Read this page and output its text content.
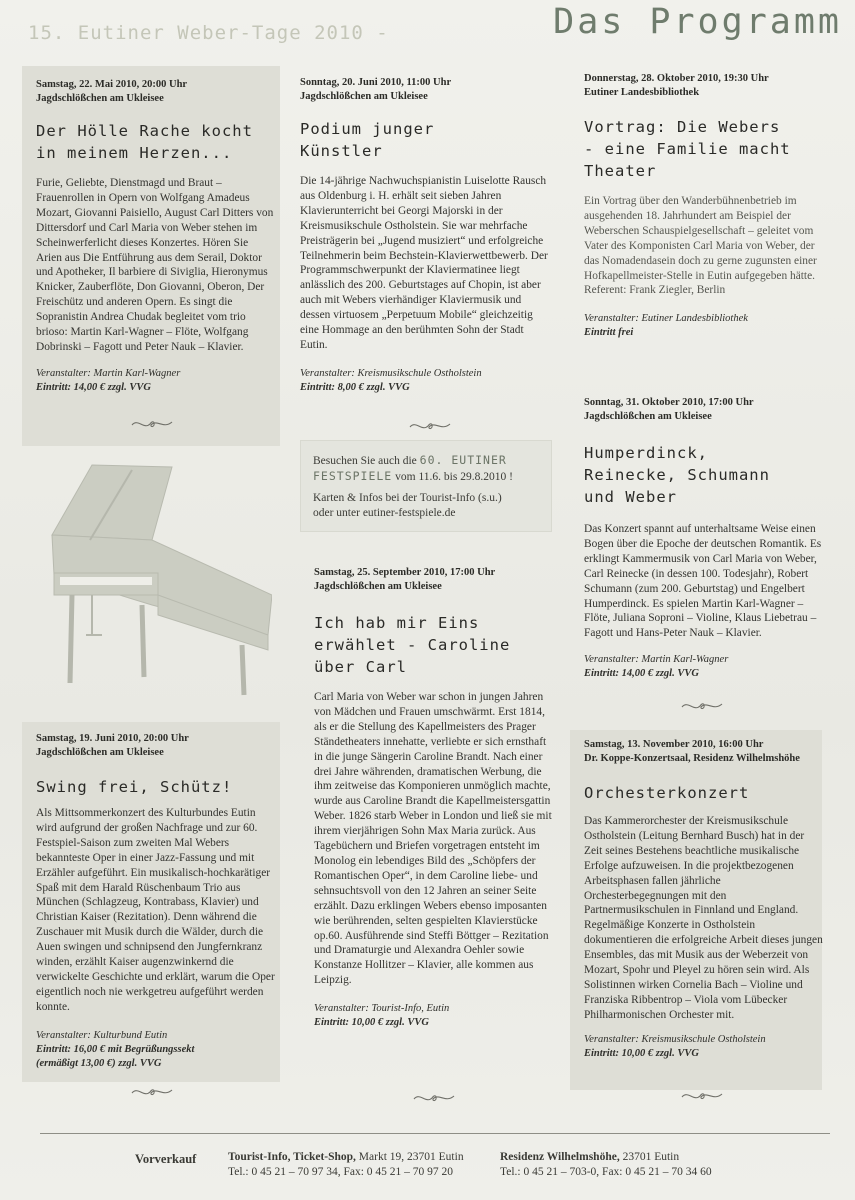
15. Eutiner Weber-Tage 2010 -	Das Programm
Samstag, 22. Mai 2010, 20:00 Uhr
Jagdschlößchen am Ukleisee
Der Hölle Rache kocht
in meinem Herzen...
Furie, Geliebte, Dienstmagd und Braut – Frauenrollen in Opern von Wolfgang Amadeus Mozart, Giovanni Paisiello, August Carl Ditters von Dittersdorf und Carl Maria von Weber stehen im Scheinwerferlicht dieses Konzertes. Hören Sie Arien aus Die Entführung aus dem Serail, Doktor und Apotheker, Il barbiere di Siviglia, Hieronymus Knicker, Zauberflöte, Don Giovanni, Oberon, Der Freischütz und anderen Opern. Es singt die Sopranistin Andrea Chudak begleitet vom trio brioso: Martin Karl-Wagner – Flöte, Wolfgang Dobrinski – Fagott und Peter Nauk – Klavier.
Veranstalter: Martin Karl-Wagner
Eintritt: 14,00 € zzgl. VVG
Samstag, 19. Juni 2010, 20:00 Uhr
Jagdschlößchen am Ukleisee
Swing frei, Schütz!
Als Mittsommerkonzert des Kulturbundes Eutin wird aufgrund der großen Nachfrage und zur 60. Festspiel-Saison zum zweiten Mal Webers bekannteste Oper in einer Jazz-Fassung und mit Erzähler aufgeführt. Ein musikalisch-hochkarätiger Spaß mit dem Harald Rüschenbaum Trio aus München (Schlagzeug, Kontrabass, Klavier) und Christian Kaiser (Rezitation). Denn während die Zuschauer mit Musik durch die Wälder, durch die Auen swingen und schnipsend den Jungfernkranz winden, erzählt Kaiser augenzwinkernd die verwickelte Geschichte und erklärt, warum die Oper eigentlich noch nie werkgetreu aufgeführt werden konnte.
Veranstalter: Kulturbund Eutin
Eintritt: 16,00 € mit Begrüßungssekt
(ermäßigt 13,00 €) zzgl. VVG
Sonntag, 20. Juni 2010, 11:00 Uhr
Jagdschlößchen am Ukleisee
Podium junger
Künstler
Die 14-jährige Nachwuchspianistin Luiselotte Rausch aus Oldenburg i. H. erhält seit sieben Jahren Klavierunterricht bei Georgi Majorski in der Kreismusikschule Ostholstein. Sie war mehrfache Preisträgerin bei „Jugend musiziert“ und erfolgreiche Teilnehmerin beim Bechstein-Klavierwettbewerb. Der Programmschwerpunkt der Klaviermatinee liegt anlässlich des 200. Geburtstages auf Chopin, ist aber auch mit Webers vierhändiger Klaviermusik und dessen virtuosem „Perpetuum Mobile“ gleichzeitig eine Hommage an den berühmten Sohn der Stadt Eutin.
Veranstalter: Kreismusikschule Ostholstein
Eintritt: 8,00 € zzgl. VVG
Besuchen Sie auch die 60. EUTINER
FESTSPIELE vom 11.6. bis 29.8.2010 !
Karten & Infos bei der Tourist-Info (s.u.)
oder unter eutiner-festspiele.de
Samstag, 25. September 2010, 17:00 Uhr
Jagdschlößchen am Ukleisee
Ich hab mir Eins
erwählet - Caroline
über Carl
Carl Maria von Weber war schon in jungen Jahren von Mädchen und Frauen umschwärmt. Erst 1814, als er die Stellung des Kapellmeisters des Prager Ständetheaters innehatte, verliebte er sich ernsthaft in die junge Sängerin Caroline Brandt. Nach einer drei Jahre währenden, dramatischen Werbung, die ihm zeitweise das Komponieren unmöglich machte, wurde aus Caroline Brandt die Kapellmeistersgattin Weber. 1826 starb Weber in London und ließ sie mit ihrem vierjährigen Sohn Max Maria zurück. Aus Tagebüchern und Briefen vorgetragen entsteht im Monolog ein lebendiges Bild des „Schöpfers der Romantischen Oper“, in dem Caroline liebe- und sehnsuchtsvoll von den 12 Jahren an seiner Seite erzählt. Dazu erklingen Webers ebenso imposanten wie berührenden, selten gespielten Klavierstücke op.60. Ausführende sind Steffi Böttger – Rezitation und Dramaturgie und Alexandra Oehler sowie Konstanze Hollitzer – Klavier, alle kommen aus Leipzig.
Veranstalter: Tourist-Info, Eutin
Eintritt: 10,00 € zzgl. VVG
Donnerstag, 28. Oktober 2010, 19:30 Uhr
Eutiner Landesbibliothek
Vortrag: Die Webers
- eine Familie macht
Theater
Ein Vortrag über den Wanderbühnenbetrieb im ausgehenden 18. Jahrhundert am Beispiel der Weberschen Schauspielgesellschaft – geleitet vom Vater des Komponisten Carl Maria von Weber, der das Nomadendasein doch zu gerne zugunsten einer Hofkapellmeister-Stelle in Eutin aufgegeben hätte. Referent: Frank Ziegler, Berlin
Veranstalter: Eutiner Landesbibliothek
Eintritt frei
Sonntag, 31. Oktober 2010, 17:00 Uhr
Jagdschlößchen am Ukleisee
Humperdinck,
Reinecke, Schumann
und Weber
Das Konzert spannt auf unterhaltsame Weise einen Bogen über die Epoche der deutschen Romantik. Es erklingt Kammermusik von Carl Maria von Weber, Carl Reinecke (in dessen 100. Todesjahr), Robert Schumann (zum 200. Geburtstag) und Engelbert Humperdinck. Es spielen Martin Karl-Wagner – Flöte, Juliana Soproni – Violine, Klaus Liebetrau – Fagott und Hans-Peter Nauk – Klavier.
Veranstalter: Martin Karl-Wagner
Eintritt: 14,00 € zzgl. VVG
Samstag, 13. November 2010, 16:00 Uhr
Dr. Koppe-Konzertsaal, Residenz Wilhelmshöhe
Orchesterkonzert
Das Kammerorchester der Kreismusikschule Ostholstein (Leitung Bernhard Busch) hat in der Zeit seines Bestehens beachtliche musikalische Erfolge aufzuweisen. In die projektbezogenen Arbeitsphasen fallen jährliche Orchesterbegegnungen mit den Partnermusikschulen in Finnland und England. Regelmäßige Konzerte in Ostholstein dokumentieren die erfolgreiche Arbeit dieses jungen Ensembles, das mit Musik aus der Weberzeit von Mozart, Spohr und Pleyel zu hören sein wird. Als Solistinnen wirken Cornelia Bach – Violine und Franziska Ribbentrop – Viola vom Lübecker Philharmonischen Orchester mit.
Veranstalter: Kreismusikschule Ostholstein
Eintritt: 10,00 € zzgl. VVG
Vorverkauf	Tourist-Info, Ticket-Shop, Markt 19, 23701 Eutin
Tel.: 0 45 21 – 70 97 34, Fax: 0 45 21 – 70 97 20
Residenz Wilhelmshöhe, 23701 Eutin
Tel.: 0 45 21 – 703-0, Fax: 0 45 21 – 70 34 60
